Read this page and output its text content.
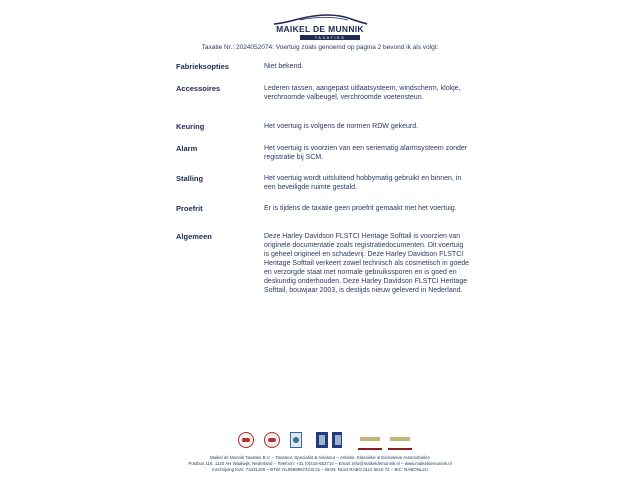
MAIKEL DE MUNNIK
TAXATIES
Taxatie Nr.: 2024052074: Voertuig zoals genoemd op pagina 2 bevond ik als volgt:
Fabrieksopties	Niet bekend.
Accessoires	Lederen tassen, aangepast uitlaatsysteem, windscherm, klokje, verchroomde valbeugel, verchroomde voetensteun.
Keuring	Het voertuig is volgens de normen RDW gekeurd.
Alarm	Het voertuig is voorzien van een seriematig alarmsysteem zonder registratie bij SCM.
Stalling	Het voertuig wordt uitsluitend hobbymatig gebruikt en binnen, in een beveiligde ruimte gestald.
Proefrit	Er is tijdens de taxatie geen proefrit gemaakt met het voertuig.
Algemeen	Deze Harley Davidson FLSTCI Heritage Softtail is voorzien van originele documentatie zoals registratiedocumenten. Dit voertuig is geheel origineel en schadevrij. Deze Harley Davidson FLSTCI Heritage Softtail verkeert zowel technisch als cosmetisch in goede en verzorgde staat met normale gebruikssporen en is goed en deskundig onderhouden. Deze Harley Davidson FLSTCI Heritage Softtail, bouwjaar 2003, is destijds nieuw geleverd in Nederland.
Maikel de Munnik Taxaties B.V. – Taxateur, Specialist & Adviseur – Antieke, Klassieke & Exclusieve Automobielen
Postbus 116, 1140 AH Waalwijk, Nederland – Telefoon: +31 (0)416-652710 – Email: info@maikeldemunnik.nl – www.maikeldemunnik.nl
Inschrijving KvK: 74431265 – BTW: NL859896724.B.01 – IBAN: NL54 RABO 0112 6510 72 – BIC: RABONL2U
